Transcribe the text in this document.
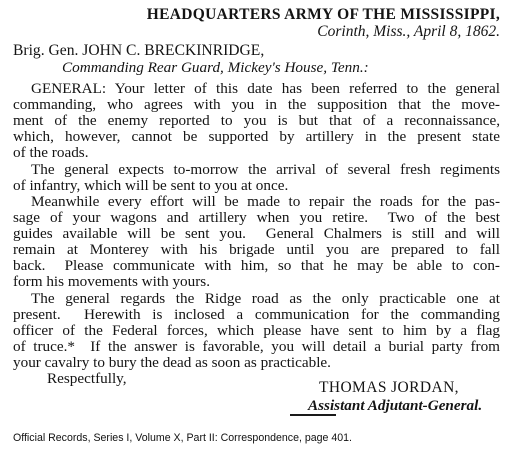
HEADQUARTERS ARMY OF THE MISSISSIPPI,
Corinth, Miss., April 8, 1862.
Brig. Gen. JOHN C. BRECKINRIDGE,
Commanding Rear Guard, Mickey's House, Tenn.:
GENERAL: Your letter of this date has been referred to the general
commanding, who agrees with you in the supposition that the move-
ment of the enemy reported to you is but that of a reconnaissance,
which, however, cannot be supported by artillery in the present state
of the roads.
The general expects to-morrow the arrival of several fresh regiments
of infantry, which will be sent to you at once.
Meanwhile every effort will be made to repair the roads for the pas-
sage of your wagons and artillery when you retire.  Two of the best
guides available will be sent you.  General Chalmers is still and will
remain at Monterey with his brigade until you are prepared to fall
back.  Please communicate with him, so that he may be able to con-
form his movements with yours.
The general regards the Ridge road as the only practicable one at
present.  Herewith is inclosed a communication for the commanding
officer of the Federal forces, which please have sent to him by a flag
of truce.*  If the answer is favorable, you will detail a burial party from
your cavalry to bury the dead as soon as practicable.
Respectfully,
THOMAS JORDAN,
Assistant Adjutant-General.
Official Records, Series I, Volume X, Part II: Correspondence, page 401.
